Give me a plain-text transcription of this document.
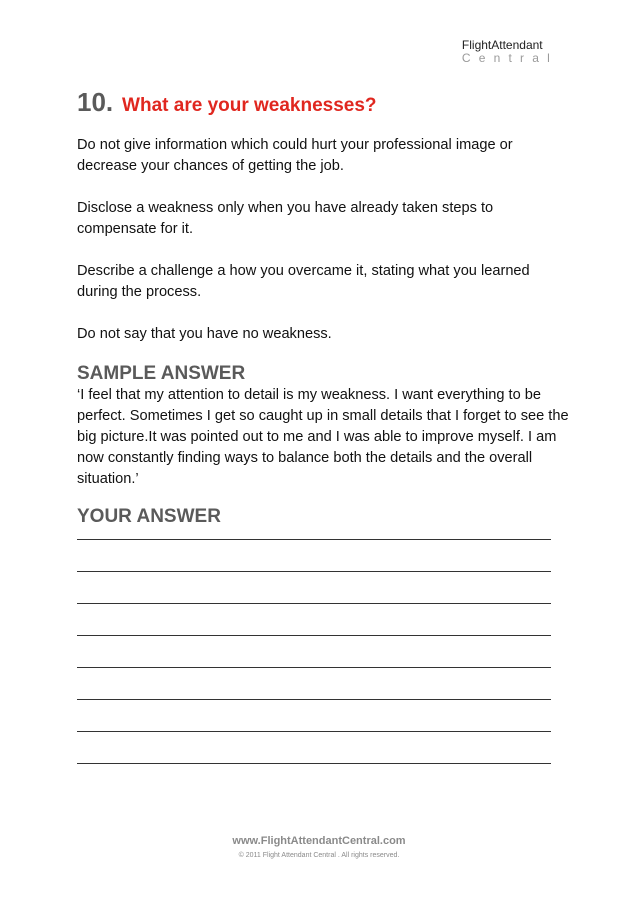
FlightAttendant
Central
10. What are your weaknesses?

Do not give information which could hurt your professional image or decrease your chances of getting the job.

Disclose a weakness only when you have already taken steps to compensate for it.

Describe a challenge a how you overcame it, stating what you learned during the process.

Do not say that you have no weakness.

SAMPLE ANSWER

‘I feel that my attention to detail is my weakness. I want everything to be perfect. Sometimes I get so caught up in small details that I forget to see the big picture.It was pointed out to me and I was able to improve myself. I am now constantly finding ways to balance both the details and the overall situation.’

YOUR ANSWER
www.FlightAttendantCentral.com
© 2011 Flight Attendant Central . All rights reserved.
